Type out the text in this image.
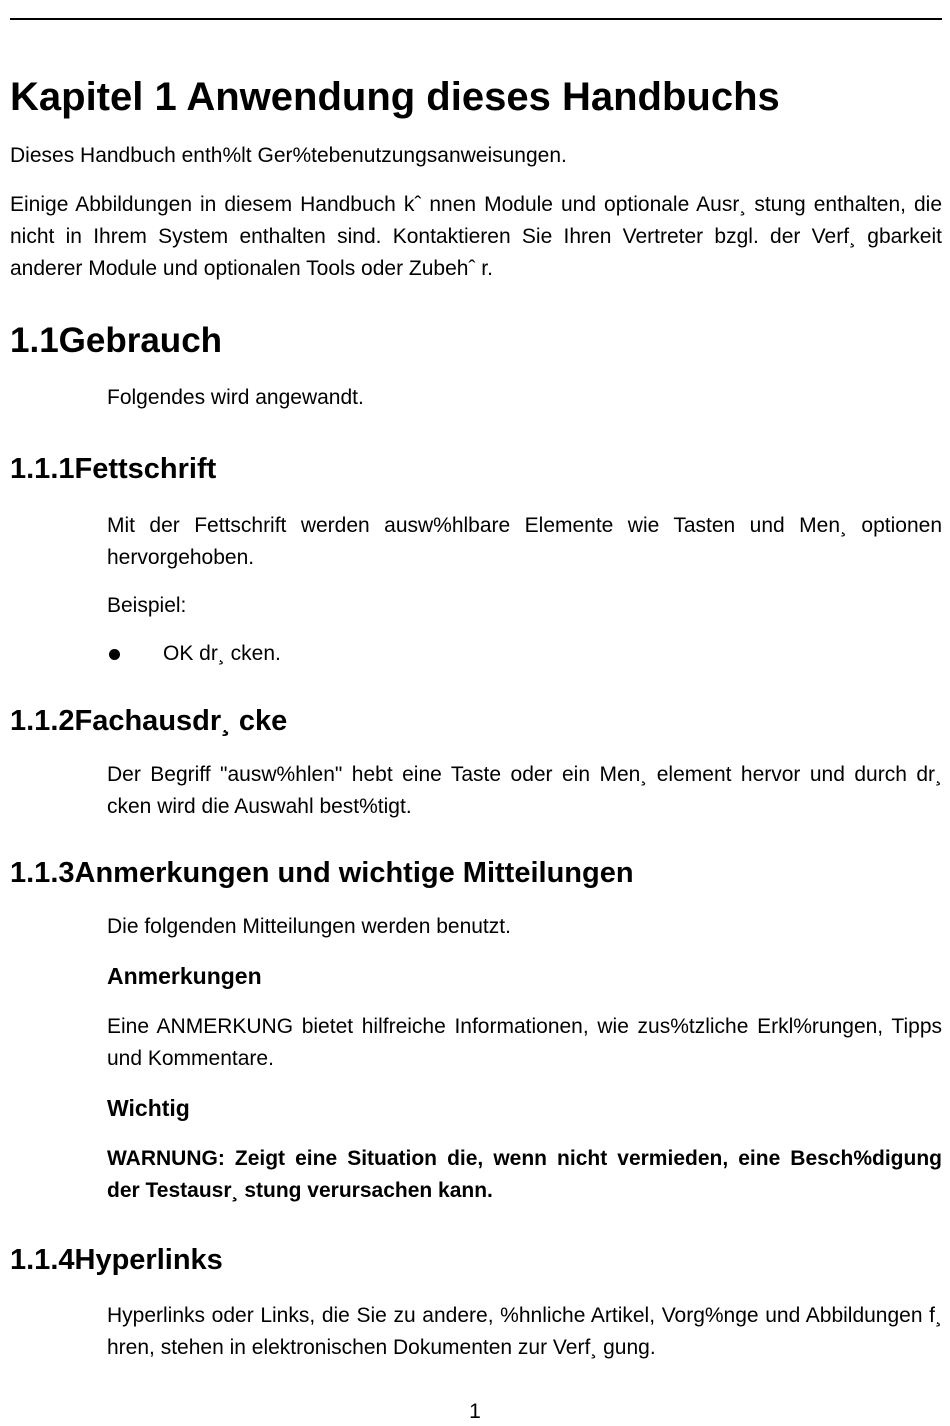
Kapitel 1 Anwendung dieses Handbuchs

Dieses Handbuch enth%lt Ger%tebenutzungsanweisungen.

Einige Abbildungen in diesem Handbuch kˆ nnen Module und optionale Ausr¸ stung enthalten, die nicht in Ihrem System enthalten sind. Kontaktieren Sie Ihren Vertreter bzgl. der Verf¸ gbarkeit anderer Module und optionalen Tools oder Zubehˆ r.

1.1Gebrauch

Folgendes wird angewandt.

1.1.1Fettschrift

Mit der Fettschrift werden ausw%hlbare Elemente wie Tasten und Men¸ optionen hervorgehoben.

Beispiel:

OK dr¸ cken.
1.1.2Fachausdr¸ cke

Der Begriff "ausw%hlen" hebt eine Taste oder ein Men¸ element hervor und durch dr¸ cken wird die Auswahl best%tigt.

1.1.3Anmerkungen und wichtige Mitteilungen

Die folgenden Mitteilungen werden benutzt.

Anmerkungen

Eine ANMERKUNG bietet hilfreiche Informationen, wie zus%tzliche Erkl%rungen, Tipps und Kommentare.

Wichtig

WARNUNG: Zeigt eine Situation die, wenn nicht vermieden, eine Besch%digung der Testausr¸ stung verursachen kann.

1.1.4Hyperlinks

Hyperlinks oder Links, die Sie zu andere, %hnliche Artikel, Vorg%nge und Abbildungen f¸ hren, stehen in elektronischen Dokumenten zur Verf¸ gung.

1
